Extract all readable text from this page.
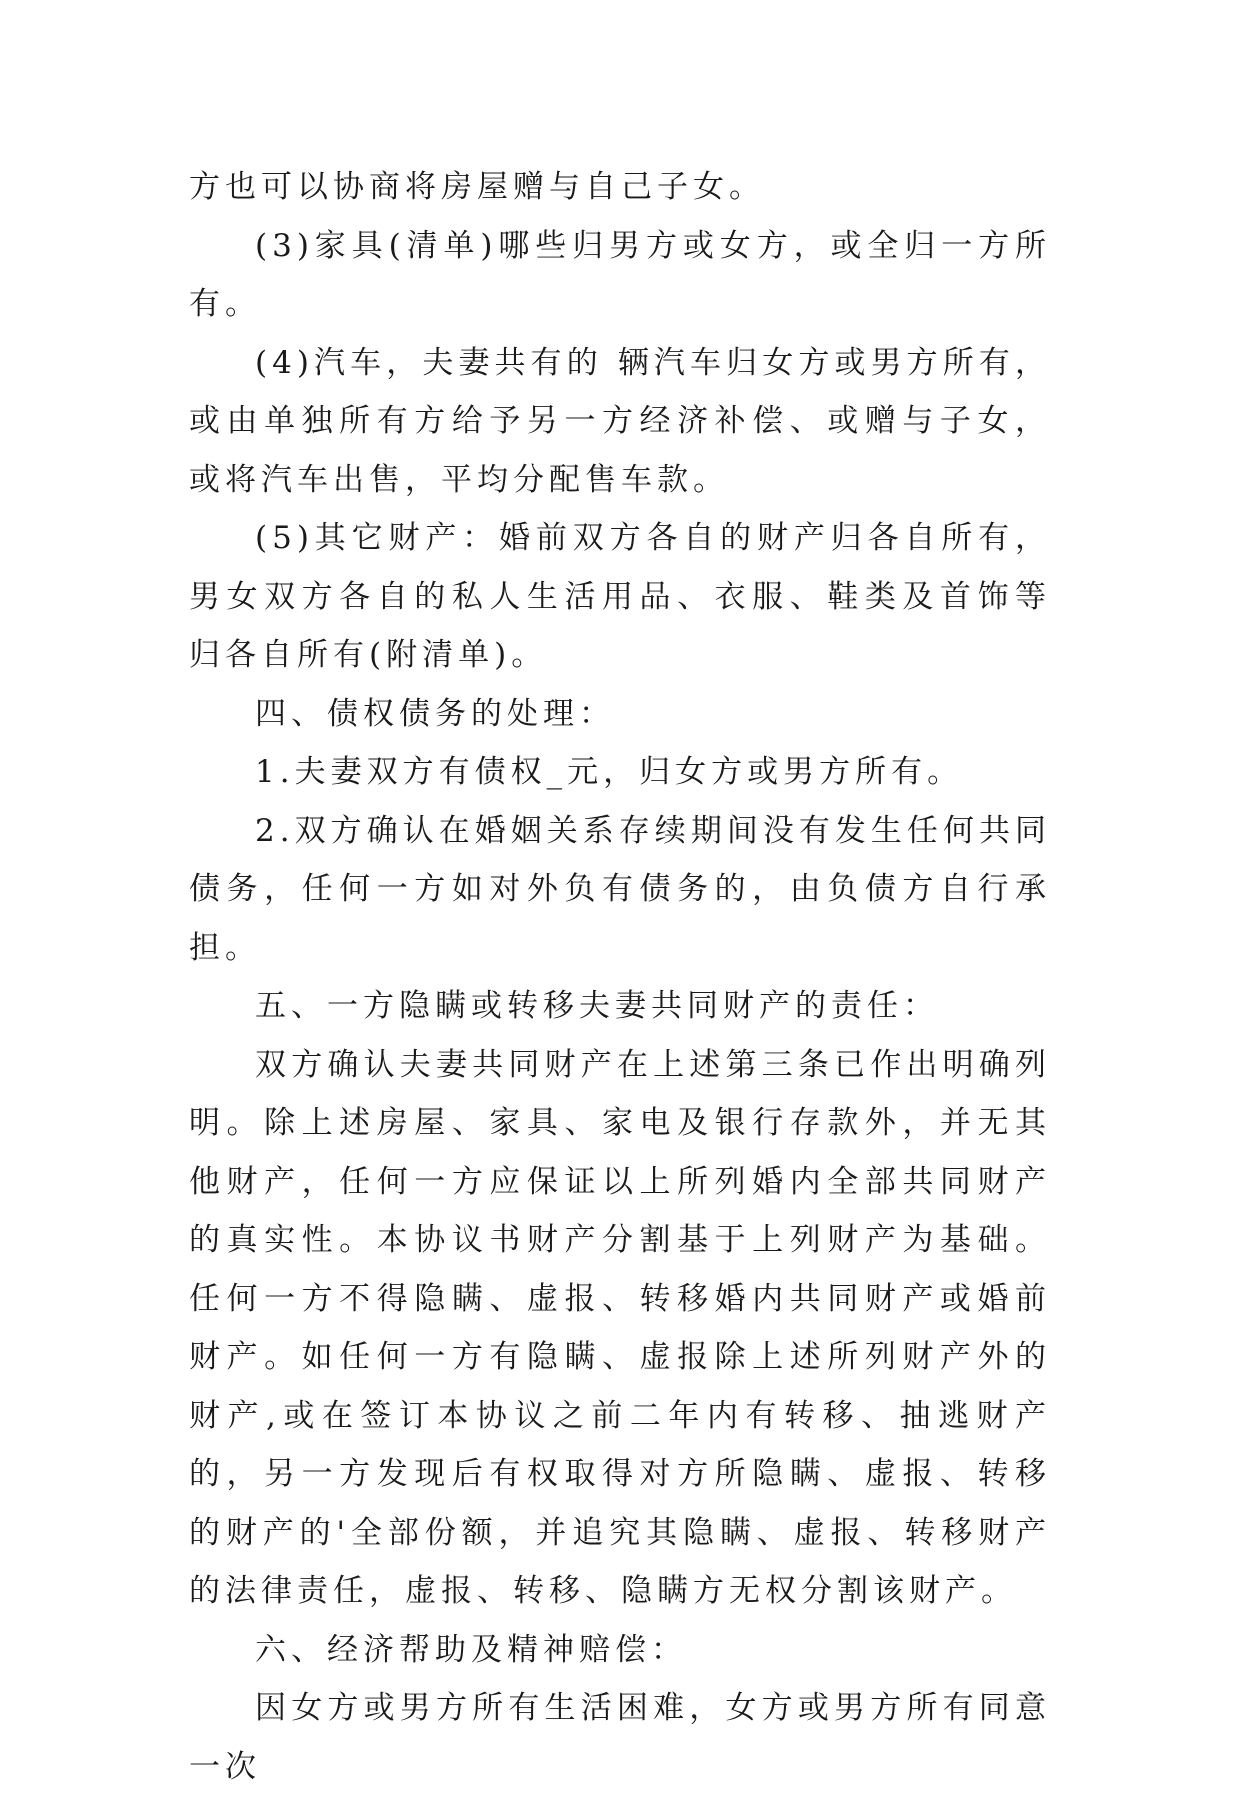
方也可以协商将房屋赠与自己子女。

(3)家具(清单)哪些归男方或女方，或全归一方所有。

(4)汽车，夫妻共有的 辆汽车归女方或男方所有，或由单独所有方给予另一方经济补偿、或赠与子女，或将汽车出售，平均分配售车款。

(5)其它财产：婚前双方各自的财产归各自所有，男女双方各自的私人生活用品、衣服、鞋类及首饰等归各自所有(附清单)。

四、债权债务的处理：

1.夫妻双方有债权_元，归女方或男方所有。

2.双方确认在婚姻关系存续期间没有发生任何共同债务，任何一方如对外负有债务的，由负债方自行承担。

五、一方隐瞒或转移夫妻共同财产的责任：

双方确认夫妻共同财产在上述第三条已作出明确列明。除上述房屋、家具、家电及银行存款外，并无其他财产，任何一方应保证以上所列婚内全部共同财产的真实性。本协议书财产分割基于上列财产为基础。任何一方不得隐瞒、虚报、转移婚内共同财产或婚前财产。如任何一方有隐瞒、虚报除上述所列财产外的财产,或在签订本协议之前二年内有转移、抽逃财产的，另一方发现后有权取得对方所隐瞒、虚报、转移的财产的'全部份额，并追究其隐瞒、虚报、转移财产的法律责任，虚报、转移、隐瞒方无权分割该财产。

六、经济帮助及精神赔偿：

因女方或男方所有生活困难，女方或男方所有同意一次
